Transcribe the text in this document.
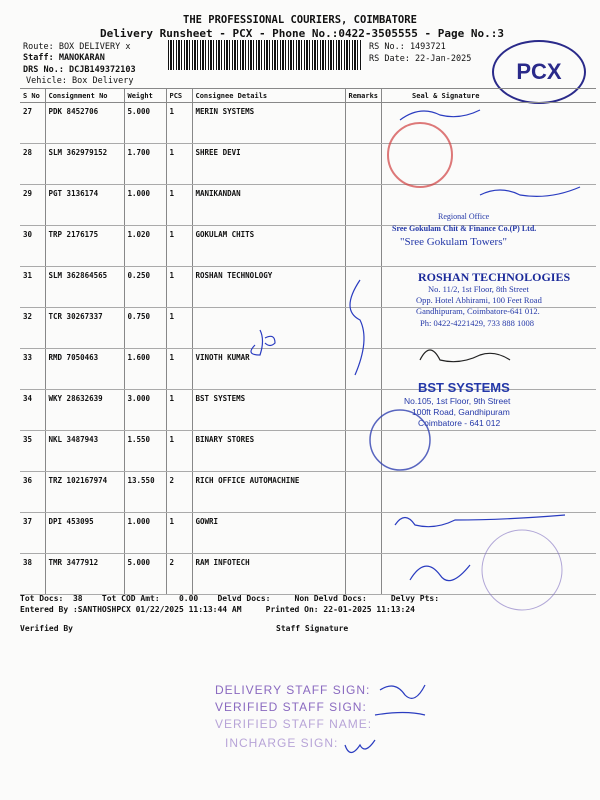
THE PROFESSIONAL COURIERS, COIMBATORE
Delivery Runsheet - PCX - Phone No.:0422-3505555 - Page No.:3
Route: BOX DELIVERY x
Staff: MANOKARAN
DRS No.: DCJB149372103
Vehicle: Box Delivery
RS No.: 1493721
RS Date: 22-Jan-2025	PCX
S No	Consignment No	Weight	PCS	Consignee Details	Remarks	Seal & Signature
27	PDK 8452706	5.000	1	MERIN SYSTEMS		
28	SLM 362979152	1.700	1	SHREE DEVI		
29	PGT 3136174	1.000	1	MANIKANDAN		
30	TRP 2176175	1.020	1	GOKULAM CHITS		
31	SLM 362864565	0.250	1	ROSHAN TECHNOLOGY		
32	TCR 30267337	0.750	1			
33	RMD 7050463	1.600	1	VINOTH KUMAR		
34	WKY 28632639	3.000	1	BST SYSTEMS		
35	NKL 3487943	1.550	1	BINARY STORES		
36	TRZ 102167974	13.550	2	RICH OFFICE AUTOMACHINE		
37	DPI 453095	1.000	1	GOWRI		
38	TMR 3477912	5.000	2	RAM INFOTECH		
Sree Gokulam Chit & Finance Co.(P) Ltd.
"Sree Gokulam Towers"
Regional Office
ROSHAN TECHNOLOGIES
No. 11/2, 1st Floor, 8th Street
Opp. Hotel Abhirami, 100 Feet Road
Gandhipuram, Coimbatore-641 012.
Ph: 0422-4221429, 733 888 1008
BST SYSTEMS
No.105, 1st Floor, 9th Street
100ft Road, Gandhipuram
Coimbatore - 641 012
Tot Docs:  38    Tot COD Amt:    0.00    Delvd Docs:     Non Delvd Docs:     Delvy Pts:
Entered By :SANTHOSHPCX 01/22/2025 11:13:44 AM     Printed On: 22-01-2025 11:13:24
Verified By	Staff Signature
DELIVERY STAFF SIGN:
VERIFIED STAFF SIGN:
VERIFIED STAFF NAME:
INCHARGE SIGN:
